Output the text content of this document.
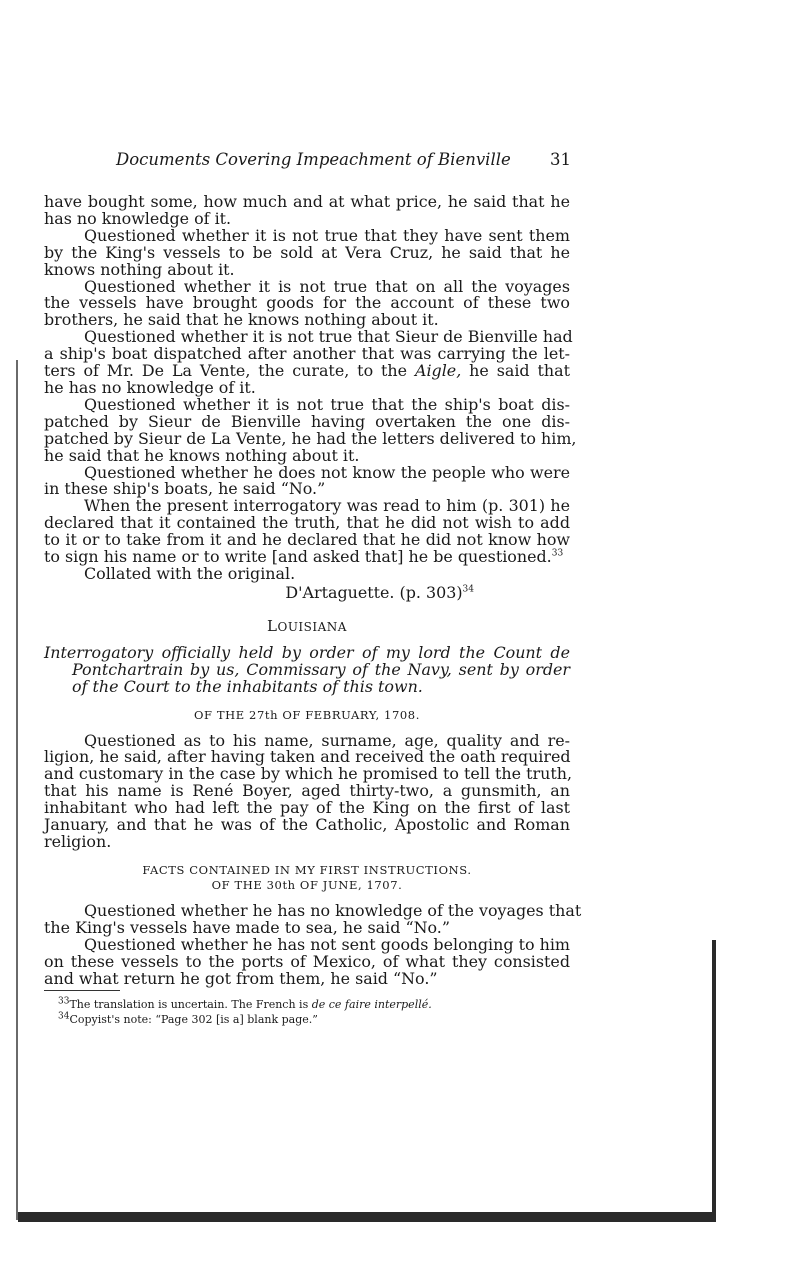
Documents Covering Impeachment of Bienville 31

have bought some, how much and at what price, he said that he
has no knowledge of it.

Questioned whether it is not true that they have sent them
by the King's vessels to be sold at Vera Cruz, he said that he
knows nothing about it.

Questioned whether it is not true that on all the voyages
the vessels have brought goods for the account of these two
brothers, he said that he knows nothing about it.

Questioned whether it is not true that Sieur de Bienville had
a ship's boat dispatched after another that was carrying the let-
ters of Mr. De La Vente, the curate, to the Aigle, he said that
he has no knowledge of it.

Questioned whether it is not true that the ship's boat dis-
patched by Sieur de Bienville having overtaken the one dis-
patched by Sieur de La Vente, he had the letters delivered to him,
he said that he knows nothing about it.

Questioned whether he does not know the people who were
in these ship's boats, he said “No.”

When the present interrogatory was read to him (p. 301) he
declared that it contained the truth, that he did not wish to add
to it or to take from it and he declared that he did not know how
to sign his name or to write [and asked that] he be questioned.$^{33}$

Collated with the original.

D'Artaguette. (p. 303)$^{34}$
LOUISIANA

Interrogatory officially held by order of my lord the Count de
Pontchartrain by us, Commissary of the Navy, sent by order
of the Court to the inhabitants of this town.

OF THE 27th OF FEBRUARY, 1708.

Questioned as to his name, surname, age, quality and re-
ligion, he said, after having taken and received the oath required
and customary in the case by which he promised to tell the truth,
that his name is René Boyer, aged thirty-two, a gunsmith, an
inhabitant who had left the pay of the King on the first of last
January, and that he was of the Catholic, Apostolic and Roman
religion.

FACTS CONTAINED IN MY FIRST INSTRUCTIONS.
OF THE 30th OF JUNE, 1707.

Questioned whether he has no knowledge of the voyages that
the King's vessels have made to sea, he said “No.”

Questioned whether he has not sent goods belonging to him
on these vessels to the ports of Mexico, of what they consisted
and what return he got from them, he said “No.”

$^{33}$The translation is uncertain. The French is de ce faire interpellé.
$^{34}$Copyist's note: “Page 302 [is a] blank page.”
